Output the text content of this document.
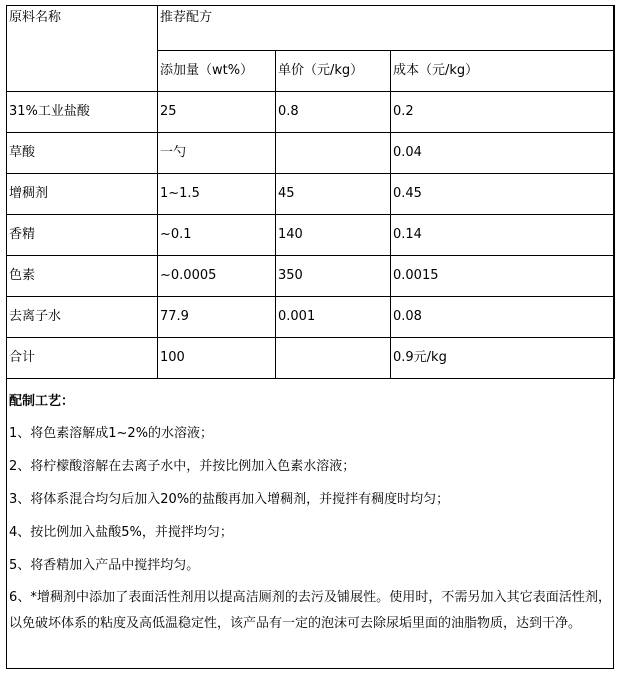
原料名称	推荐配方		
	添加量（wt%）	单价（元/kg）	成本（元/kg）
31%工业盐酸	25	0.8	0.2
草酸	一勺		0.04
增稠剂	1~1.5	45	0.45
香精	~0.1	140	0.14
色素	~0.0005	350	0.0015
去离子水	77.9	0.001	0.08
合计	100		0.9元/kg
配制工艺：
1、将色素溶解成1~2%的水溶液；
2、将柠檬酸溶解在去离子水中，并按比例加入色素水溶液；
3、将体系混合均匀后加入20%的盐酸再加入增稠剂，并搅拌有稠度时均匀；
4、按比例加入盐酸5%，并搅拌均匀；
5、将香精加入产品中搅拌均匀。
6、*增稠剂中添加了表面活性剂用以提高洁厕剂的去污及铺展性。使用时，不需另加入其它表面活性剂，以免破坏体系的粘度及高低温稳定性，该产品有一定的泡沫可去除尿垢里面的油脂物质，达到干净。
